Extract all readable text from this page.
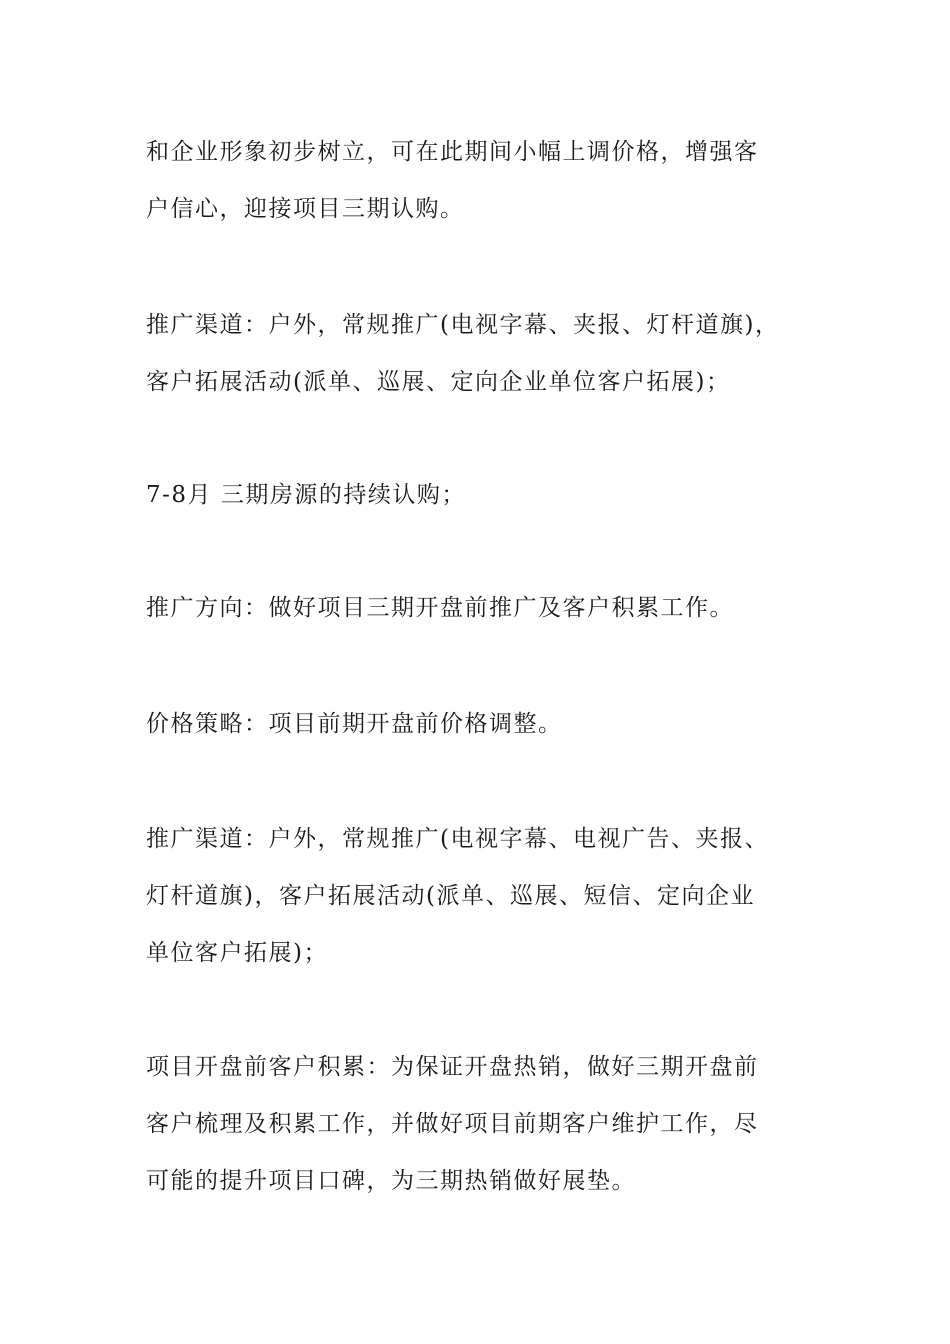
和企业形象初步树立，可在此期间小幅上调价格，增强客
户信心，迎接项目三期认购。

推广渠道：户外，常规推广(电视字幕、夹报、灯杆道旗)，
客户拓展活动(派单、巡展、定向企业单位客户拓展)；

7-8月 三期房源的持续认购；

推广方向：做好项目三期开盘前推广及客户积累工作。

价格策略：项目前期开盘前价格调整。

推广渠道：户外，常规推广(电视字幕、电视广告、夹报、
灯杆道旗)，客户拓展活动(派单、巡展、短信、定向企业
单位客户拓展)；

项目开盘前客户积累：为保证开盘热销，做好三期开盘前
客户梳理及积累工作，并做好项目前期客户维护工作，尽
可能的提升项目口碑，为三期热销做好展垫。
